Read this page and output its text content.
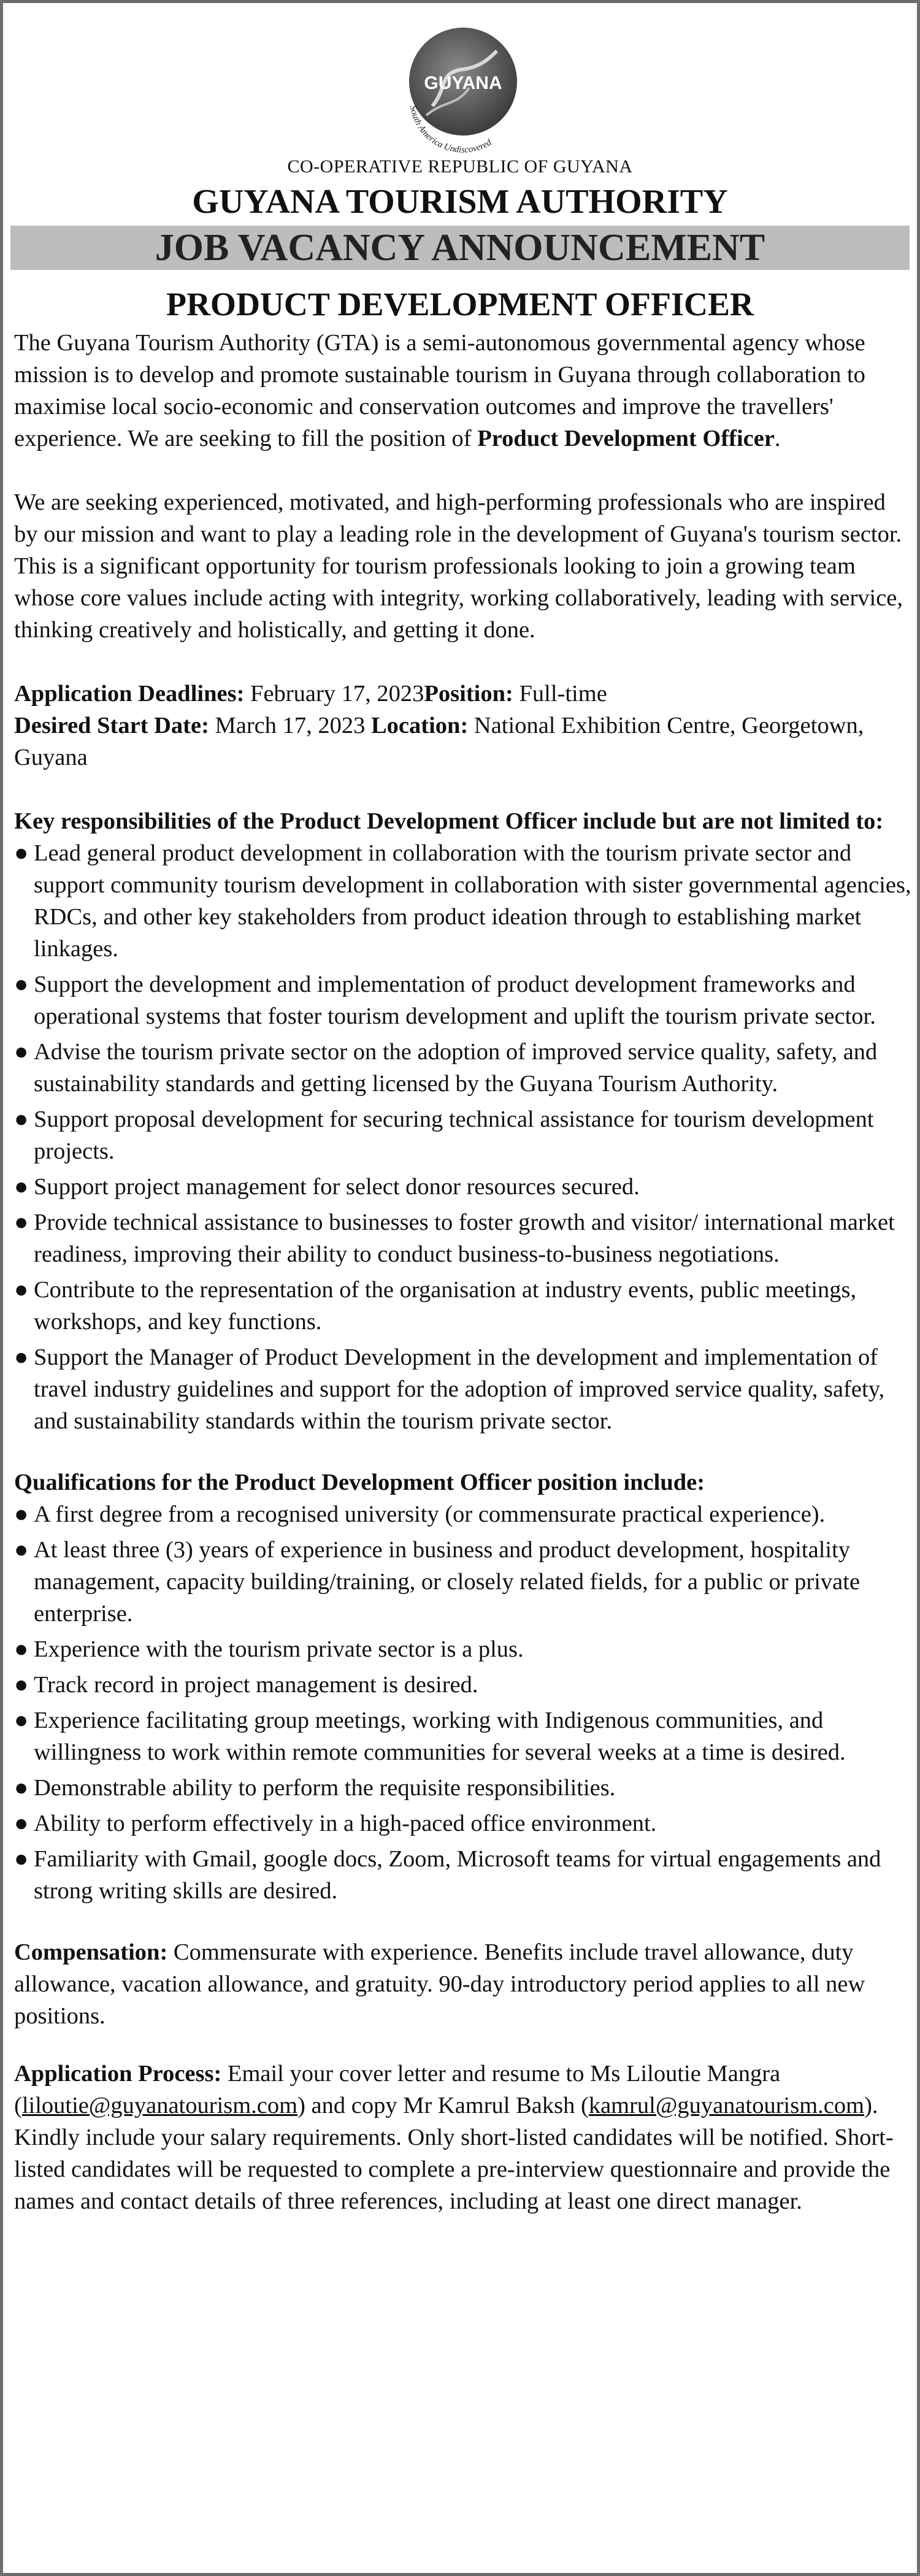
GUYANA
South America Undiscovered
CO-OPERATIVE REPUBLIC OF GUYANA
GUYANA TOURISM AUTHORITY
JOB VACANCY ANNOUNCEMENT
PRODUCT DEVELOPMENT OFFICER

The Guyana Tourism Authority (GTA) is a semi-autonomous governmental agency whose mission is to develop and promote sustainable tourism in Guyana through collaboration to maximise local socio-economic and conservation outcomes and improve the travellers' experience. We are seeking to fill the position of Product Development Officer.

We are seeking experienced, motivated, and high-performing professionals who are inspired by our mission and want to play a leading role in the development of Guyana's tourism sector. This is a significant opportunity for tourism professionals looking to join a growing team whose core values include acting with integrity, working collaboratively, leading with service, thinking creatively and holistically, and getting it done.

Application Deadlines: February 17, 2023Position: Full-time
Desired Start Date: March 17, 2023 Location: National Exhibition Centre, Georgetown, Guyana

Key responsibilities of the Product Development Officer include but are not limited to:

● Lead general product development in collaboration with the tourism private sector and support community tourism development in collaboration with sister governmental agencies, RDCs, and other key stakeholders from product ideation through to establishing market linkages.
● Support the development and implementation of product development frameworks and operational systems that foster tourism development and uplift the tourism private sector.
● Advise the tourism private sector on the adoption of improved service quality, safety, and sustainability standards and getting licensed by the Guyana Tourism Authority.
● Support proposal development for securing technical assistance for tourism development projects.
● Support project management for select donor resources secured.
● Provide technical assistance to businesses to foster growth and visitor/ international market readiness, improving their ability to conduct business-to-business negotiations.
● Contribute to the representation of the organisation at industry events, public meetings, workshops, and key functions.
● Support the Manager of Product Development in the development and implementation of travel industry guidelines and support for the adoption of improved service quality, safety, and sustainability standards within the tourism private sector.

Qualifications for the Product Development Officer position include:

● A first degree from a recognised university (or commensurate practical experience).
● At least three (3) years of experience in business and product development, hospitality management, capacity building/training, or closely related fields, for a public or private enterprise.
● Experience with the tourism private sector is a plus.
● Track record in project management is desired.
● Experience facilitating group meetings, working with Indigenous communities, and willingness to work within remote communities for several weeks at a time is desired.
● Demonstrable ability to perform the requisite responsibilities.
● Ability to perform effectively in a high-paced office environment.
● Familiarity with Gmail, google docs, Zoom, Microsoft teams for virtual engagements and strong writing skills are desired.

Compensation: Commensurate with experience. Benefits include travel allowance, duty allowance, vacation allowance, and gratuity. 90-day introductory period applies to all new positions.

Application Process: Email your cover letter and resume to Ms Liloutie Mangra (liloutie@guyanatourism.com) and copy Mr Kamrul Baksh (kamrul@guyanatourism.com). Kindly include your salary requirements. Only short-listed candidates will be notified. Short-listed candidates will be requested to complete a pre-interview questionnaire and provide the names and contact details of three references, including at least one direct manager.
